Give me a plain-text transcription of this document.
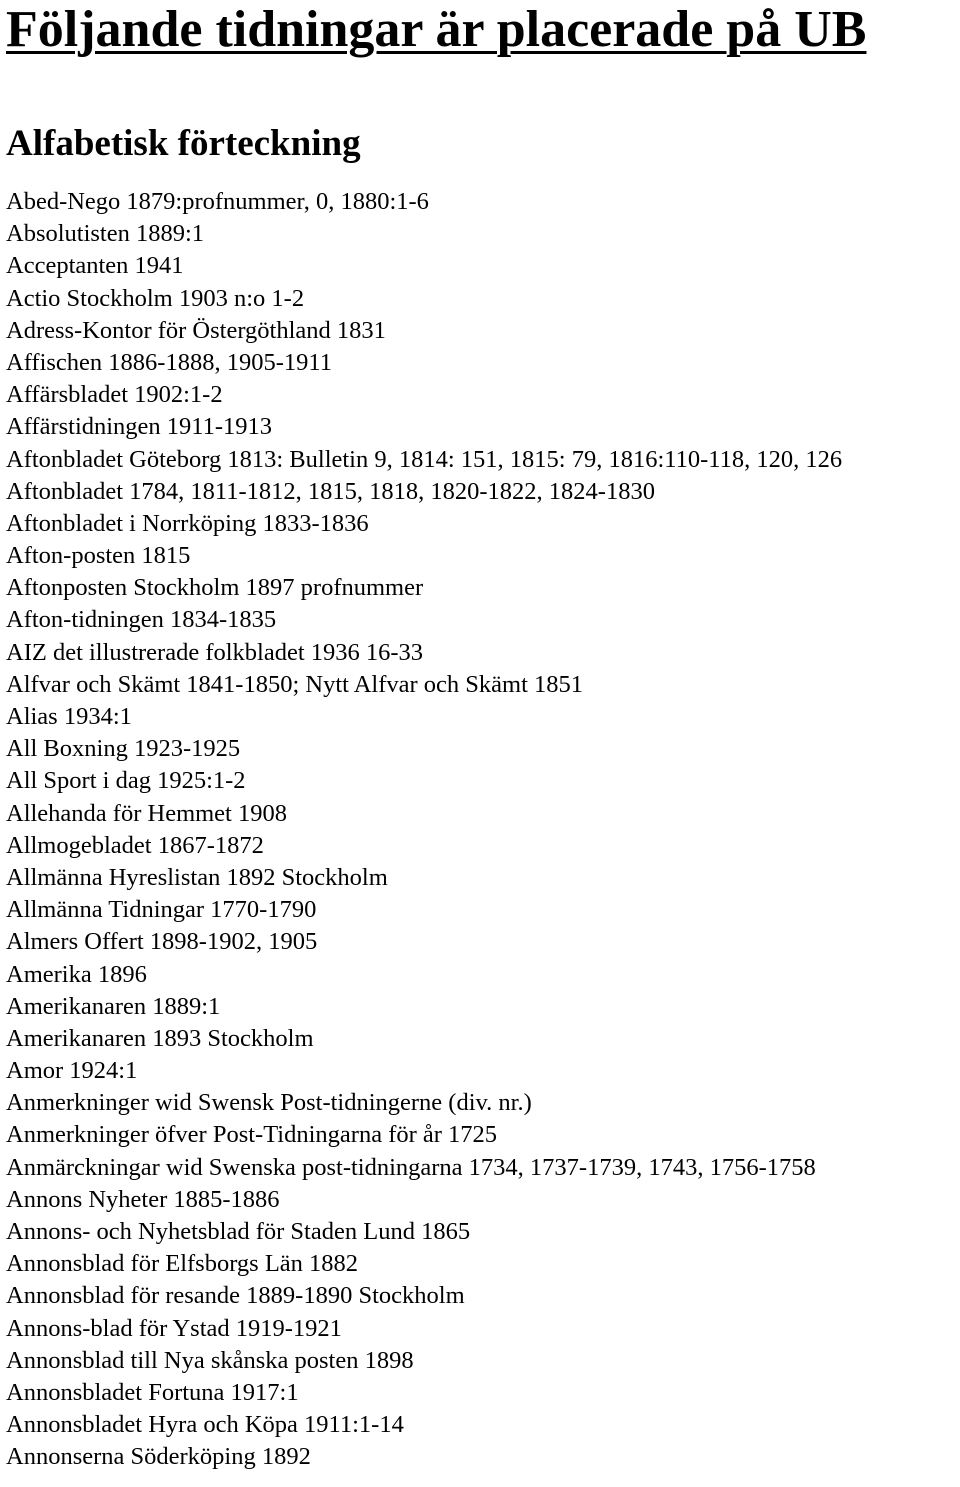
Följande tidningar är placerade på UB
Alfabetisk förteckning
Abed-Nego 1879:profnummer, 0, 1880:1-6
Absolutisten 1889:1
Acceptanten 1941
Actio Stockholm 1903 n:o 1-2
Adress-Kontor för Östergöthland 1831
Affischen 1886-1888, 1905-1911
Affärsbladet 1902:1-2
Affärstidningen 1911-1913
Aftonbladet Göteborg 1813: Bulletin 9, 1814: 151, 1815: 79, 1816:110-118, 120, 126
Aftonbladet 1784, 1811-1812, 1815, 1818, 1820-1822, 1824-1830
Aftonbladet i Norrköping 1833-1836
Afton-posten 1815
Aftonposten Stockholm 1897 profnummer
Afton-tidningen 1834-1835
AIZ det illustrerade folkbladet 1936 16-33
Alfvar och Skämt 1841-1850; Nytt Alfvar och Skämt 1851
Alias 1934:1
All Boxning 1923-1925
All Sport i dag 1925:1-2
Allehanda för Hemmet 1908
Allmogebladet 1867-1872
Allmänna Hyreslistan 1892 Stockholm
Allmänna Tidningar 1770-1790
Almers Offert 1898-1902, 1905
Amerika 1896
Amerikanaren 1889:1
Amerikanaren 1893 Stockholm
Amor 1924:1
Anmerkninger wid Swensk Post-tidningerne (div. nr.)
Anmerkninger öfver Post-Tidningarna för år 1725
Anmärckningar wid Swenska post-tidningarna 1734, 1737-1739, 1743, 1756-1758
Annons Nyheter 1885-1886
Annons- och Nyhetsblad för Staden Lund 1865
Annonsblad för Elfsborgs Län 1882
Annonsblad för resande 1889-1890 Stockholm
Annons-blad för Ystad 1919-1921
Annonsblad till Nya skånska posten 1898
Annonsbladet Fortuna 1917:1
Annonsbladet Hyra och Köpa 1911:1-14
Annonserna Söderköping 1892
